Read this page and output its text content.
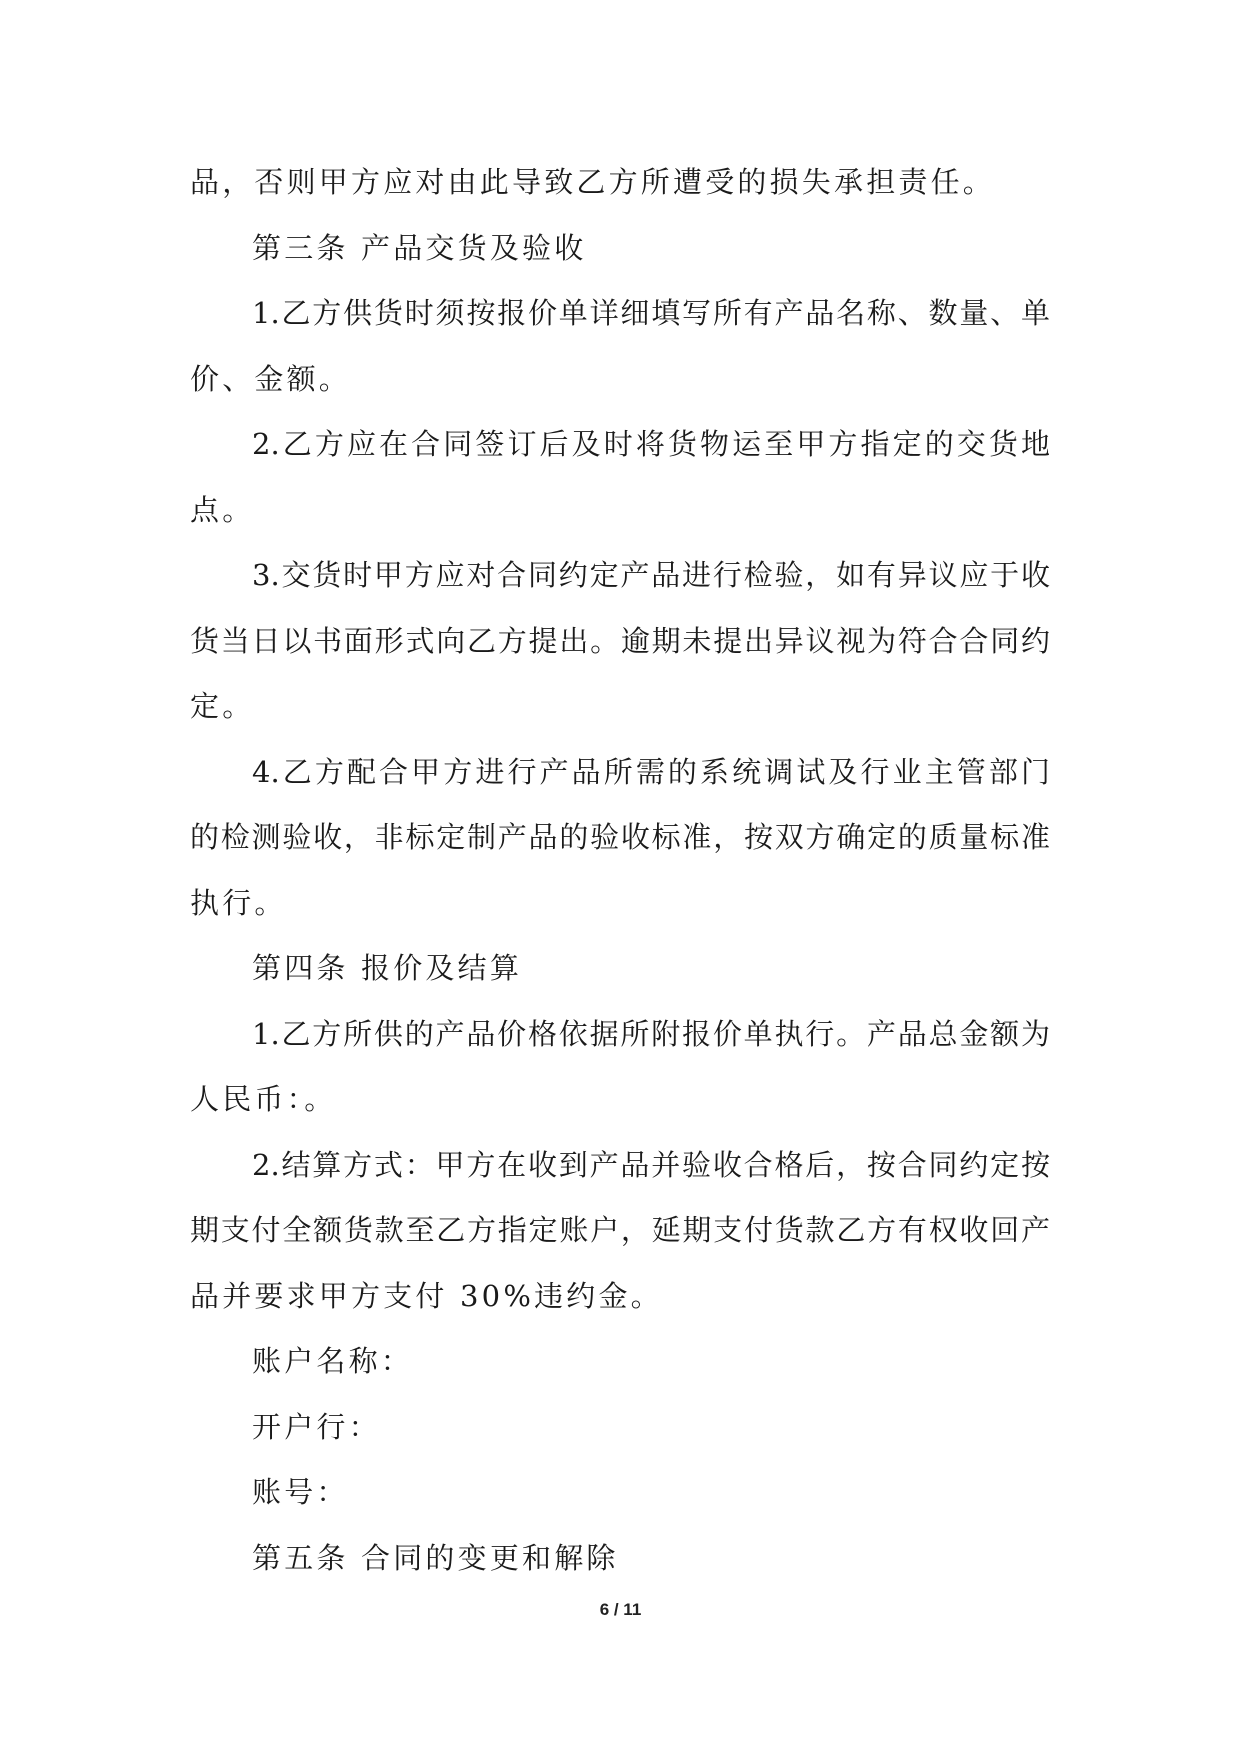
品，否则甲方应对由此导致乙方所遭受的损失承担责任。
第三条 产品交货及验收
1.乙方供货时须按报价单详细填写所有产品名称、数量、单
价、金额。
2.乙方应在合同签订后及时将货物运至甲方指定的交货地
点。
3.交货时甲方应对合同约定产品进行检验，如有异议应于收
货当日以书面形式向乙方提出。逾期未提出异议视为符合合同约
定。
4.乙方配合甲方进行产品所需的系统调试及行业主管部门
的检测验收，非标定制产品的验收标准，按双方确定的质量标准
执行。
第四条 报价及结算
1.乙方所供的产品价格依据所附报价单执行。产品总金额为
人民币：。
2.结算方式：甲方在收到产品并验收合格后，按合同约定按
期支付全额货款至乙方指定账户，延期支付货款乙方有权收回产
品并要求甲方支付 30%违约金。
账户名称：
开户行：
账号：
第五条 合同的变更和解除
6 / 11
